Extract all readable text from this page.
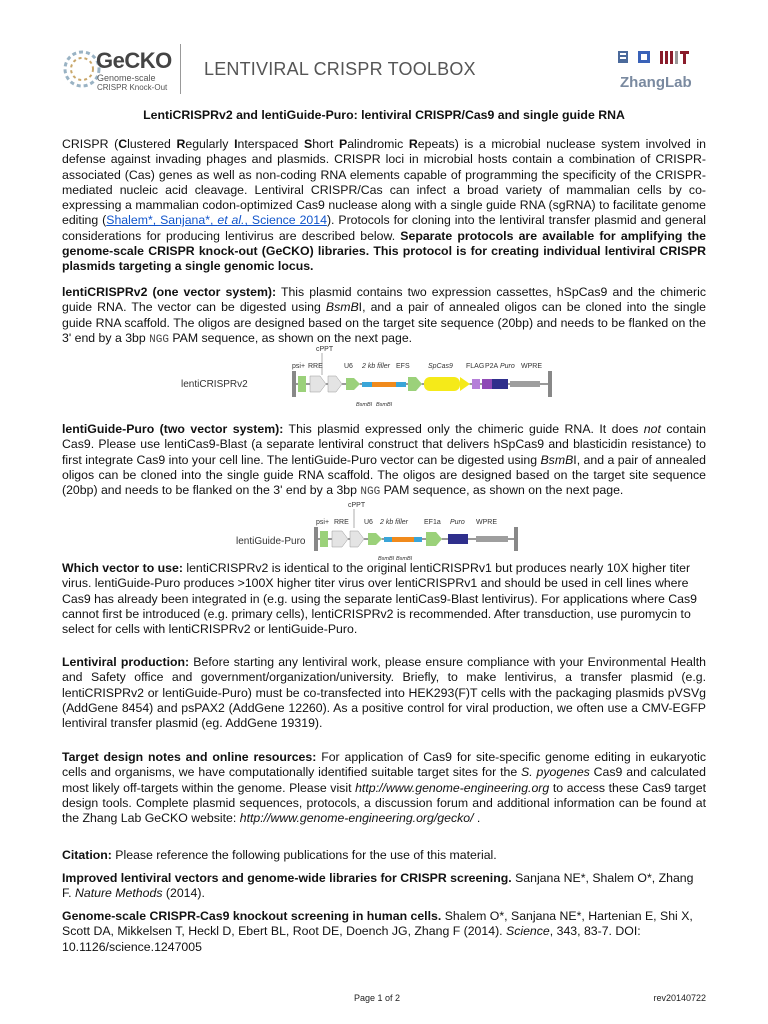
GeCKO
Genome-scale
CRISPR Knock-Out
LENTIVIRAL CRISPR TOOLBOX
ZhangLab
LentiCRISPRv2 and lentiGuide-Puro: lentiviral CRISPR/Cas9 and single guide RNA
CRISPR (Clustered Regularly Interspaced Short Palindromic Repeats) is a microbial nuclease system involved in defense against invading phages and plasmids. CRISPR loci in microbial hosts contain a combination of CRISPR-associated (Cas) genes as well as non-coding RNA elements capable of programming the specificity of the CRISPR-mediated nucleic acid cleavage. Lentiviral CRISPR/Cas can infect a broad variety of mammalian cells by co-expressing a mammalian codon-optimized Cas9 nuclease along with a single guide RNA (sgRNA) to facilitate genome editing (Shalem*, Sanjana*, et al., Science 2014). Protocols for cloning into the lentiviral transfer plasmid and general considerations for producing lentivirus are described below. Separate protocols are available for amplifying the genome-scale CRISPR knock-out (GeCKO) libraries. This protocol is for creating individual lentiviral CRISPR plasmids targeting a single genomic locus.
lentiCRISPRv2 (one vector system): This plasmid contains two expression cassettes, hSpCas9 and the chimeric guide RNA. The vector can be digested using BsmBI, and a pair of annealed oligos can be cloned into the single guide RNA scaffold. The oligos are designed based on the target site sequence (20bp) and needs to be flanked on the 3' end by a 3bp NGG PAM sequence, as shown on the next page.
cPPT
lentiCRISPRv2
psi+ RRE	U6 2 kb filler EFS	SpCas9 FLAG P2A Puro WPRE
BsmBI BsmBI
lentiGuide-Puro (two vector system): This plasmid expressed only the chimeric guide RNA. It does not contain Cas9. Please use lentiCas9-Blast (a separate lentiviral construct that delivers hSpCas9 and blasticidin resistance) to first integrate Cas9 into your cell line. The lentiGuide-Puro vector can be digested using BsmBI, and a pair of annealed oligos can be cloned into the single guide RNA scaffold. The oligos are designed based on the target site sequence (20bp) and needs to be flanked on the 3' end by a 3bp NGG PAM sequence, as shown on the next page.
cPPT
lentiGuide-Puro
psi+ RRE U6 2 kb filler EF1a Puro WPRE
BsmBI BsmBI
Which vector to use: lentiCRISPRv2 is identical to the original lentiCRISPRv1 but produces nearly 10X higher titer virus. lentiGuide-Puro produces >100X higher titer virus over lentiCRISPRv1 and should be used in cell lines where Cas9 has already been integrated in (e.g. using the separate lentiCas9-Blast lentivirus). For applications where Cas9 cannot first be introduced (e.g. primary cells), lentiCRISPRv2 is recommended. After transduction, use puromycin to select for cells with lentiCRISPRv2 or lentiGuide-Puro.
Lentiviral production: Before starting any lentiviral work, please ensure compliance with your Environmental Health and Safety office and government/organization/university. Briefly, to make lentivirus, a transfer plasmid (e.g. lentiCRISPRv2 or lentiGuide-Puro) must be co-transfected into HEK293(F)T cells with the packaging plasmids pVSVg (AddGene 8454) and psPAX2 (AddGene 12260). As a positive control for viral production, we often use a CMV-EGFP lentiviral transfer plasmid (eg. AddGene 19319).
Target design notes and online resources: For application of Cas9 for site-specific genome editing in eukaryotic cells and organisms, we have computationally identified suitable target sites for the S. pyogenes Cas9 and calculated most likely off-targets within the genome. Please visit http://www.genome-engineering.org to access these Cas9 target design tools. Complete plasmid sequences, protocols, a discussion forum and additional information can be found at the Zhang Lab GeCKO website: http://www.genome-engineering.org/gecko/ .
Citation: Please reference the following publications for the use of this material.
Improved lentiviral vectors and genome-wide libraries for CRISPR screening. Sanjana NE*, Shalem O*, Zhang F. Nature Methods (2014).
Genome-scale CRISPR-Cas9 knockout screening in human cells. Shalem O*, Sanjana NE*, Hartenian E, Shi X, Scott DA, Mikkelsen T, Heckl D, Ebert BL, Root DE, Doench JG, Zhang F (2014). Science, 343, 83-7. DOI: 10.1126/science.1247005
Page 1 of 2	rev20140722
